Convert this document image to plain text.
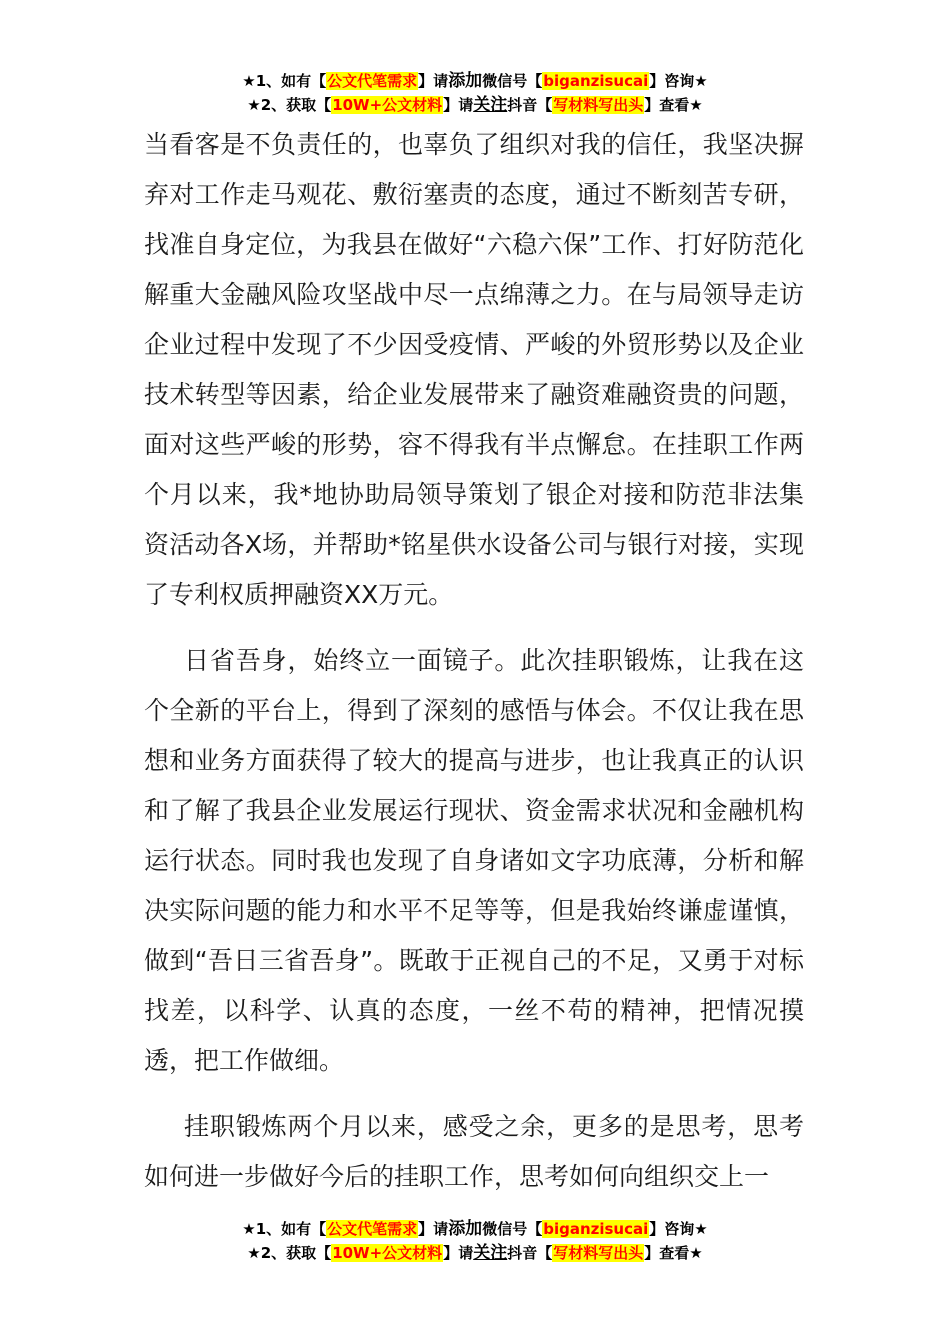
★1、如有【公文代笔需求】请添加微信号【biganzisucai】咨询★
★2、获取【10W+公文材料】请关注抖音【写材料写出头】查看★

当看客是不负责任的，也辜负了组织对我的信任，我坚决摒弃对工作走马观花、敷衍塞责的态度，通过不断刻苦专研，找准自身定位，为我县在做好“六稳六保”工作、打好防范化解重大金融风险攻坚战中尽一点绵薄之力。在与局领导走访企业过程中发现了不少因受疫情、严峻的外贸形势以及企业技术转型等因素，给企业发展带来了融资难融资贵的问题，面对这些严峻的形势，容不得我有半点懈怠。在挂职工作两个月以来，我*地协助局领导策划了银企对接和防范非法集资活动各X场，并帮助*铭星供水设备公司与银行对接，实现了专利权质押融资XX万元。

日省吾身，始终立一面镜子。此次挂职锻炼，让我在这个全新的平台上，得到了深刻的感悟与体会。不仅让我在思想和业务方面获得了较大的提高与进步，也让我真正的认识和了解了我县企业发展运行现状、资金需求状况和金融机构运行状态。同时我也发现了自身诸如文字功底薄，分析和解决实际问题的能力和水平不足等等，但是我始终谦虚谨慎，做到“吾日三省吾身”。既敢于正视自己的不足，又勇于对标找差，以科学、认真的态度，一丝不苟的精神，把情况摸透，把工作做细。

挂职锻炼两个月以来，感受之余，更多的是思考，思考如何进一步做好今后的挂职工作，思考如何向组织交上一

★1、如有【公文代笔需求】请添加微信号【biganzisucai】咨询★
★2、获取【10W+公文材料】请关注抖音【写材料写出头】查看★
